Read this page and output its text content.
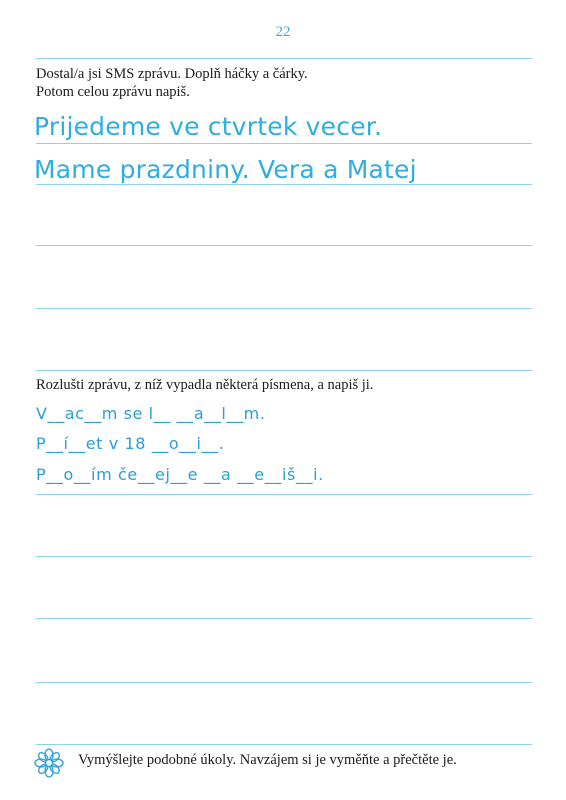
22
Dostal/a jsi SMS zprávu. Doplň háčky a čárky.
Potom celou zprávu napiš.
Prijedeme ve ctvrtek vecer.
Mame prazdniny. Vera a Matej
Rozlušti zprávu, z níž vypadla některá písmena, a napiš ji.
V__ac__m se l__ __a__l__m.
P__í__et v 18 __o__i__.
P__o__ím če__ej__e __a __e__iš__i.
Vymýšlejte podobné úkoly. Navzájem si je vyměňte a přečtěte je.
